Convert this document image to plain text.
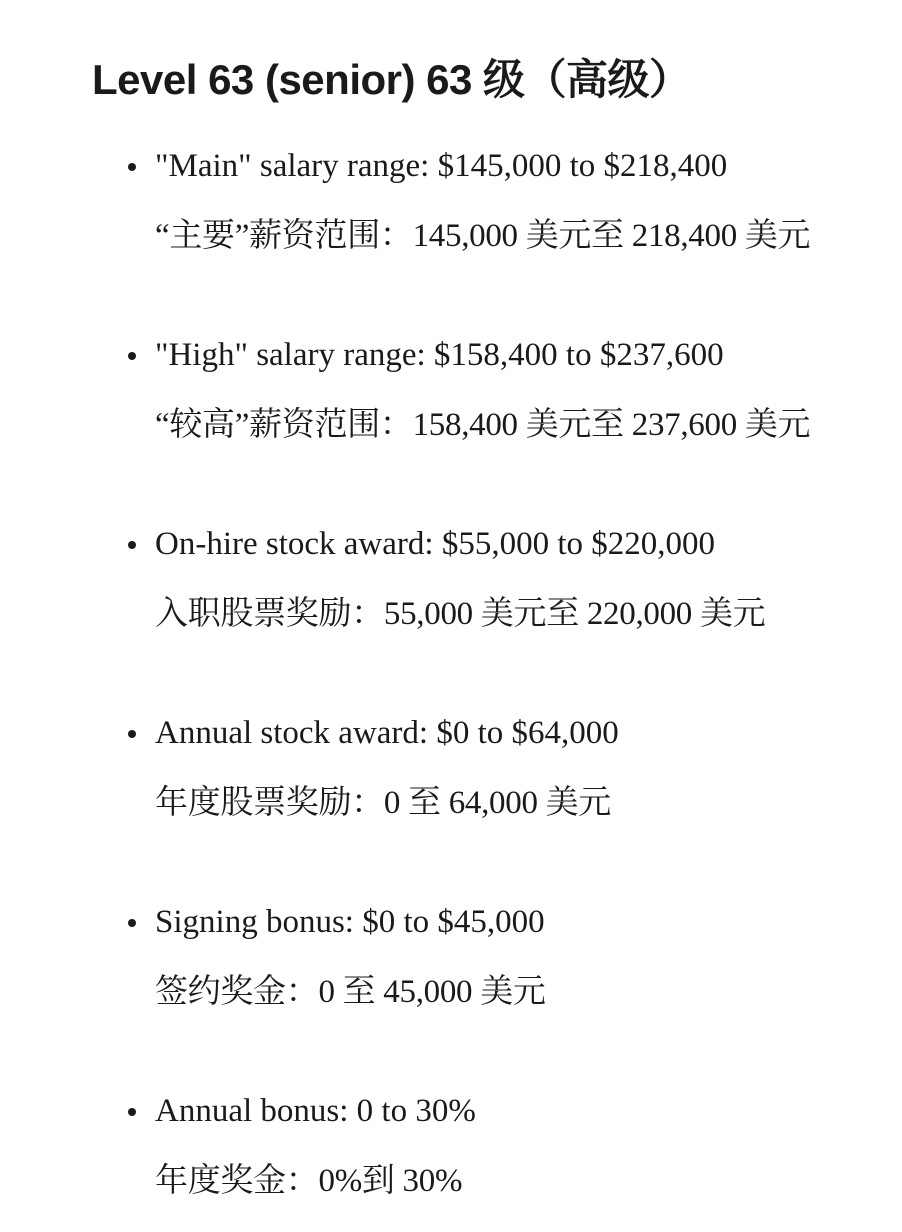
Level 63 (senior) 63 级（高级）
"Main" salary range: $145,000 to $218,400
“主要”薪资范围：145,000 美元至 218,400 美元
"High" salary range: $158,400 to $237,600
“较高”薪资范围：158,400 美元至 237,600 美元
On-hire stock award: $55,000 to $220,000
入职股票奖励：55,000 美元至 220,000 美元
Annual stock award: $0 to $64,000
年度股票奖励：0 至 64,000 美元
Signing bonus: $0 to $45,000
签约奖金：0 至 45,000 美元
Annual bonus: 0 to 30%
年度奖金：0%到 30%
